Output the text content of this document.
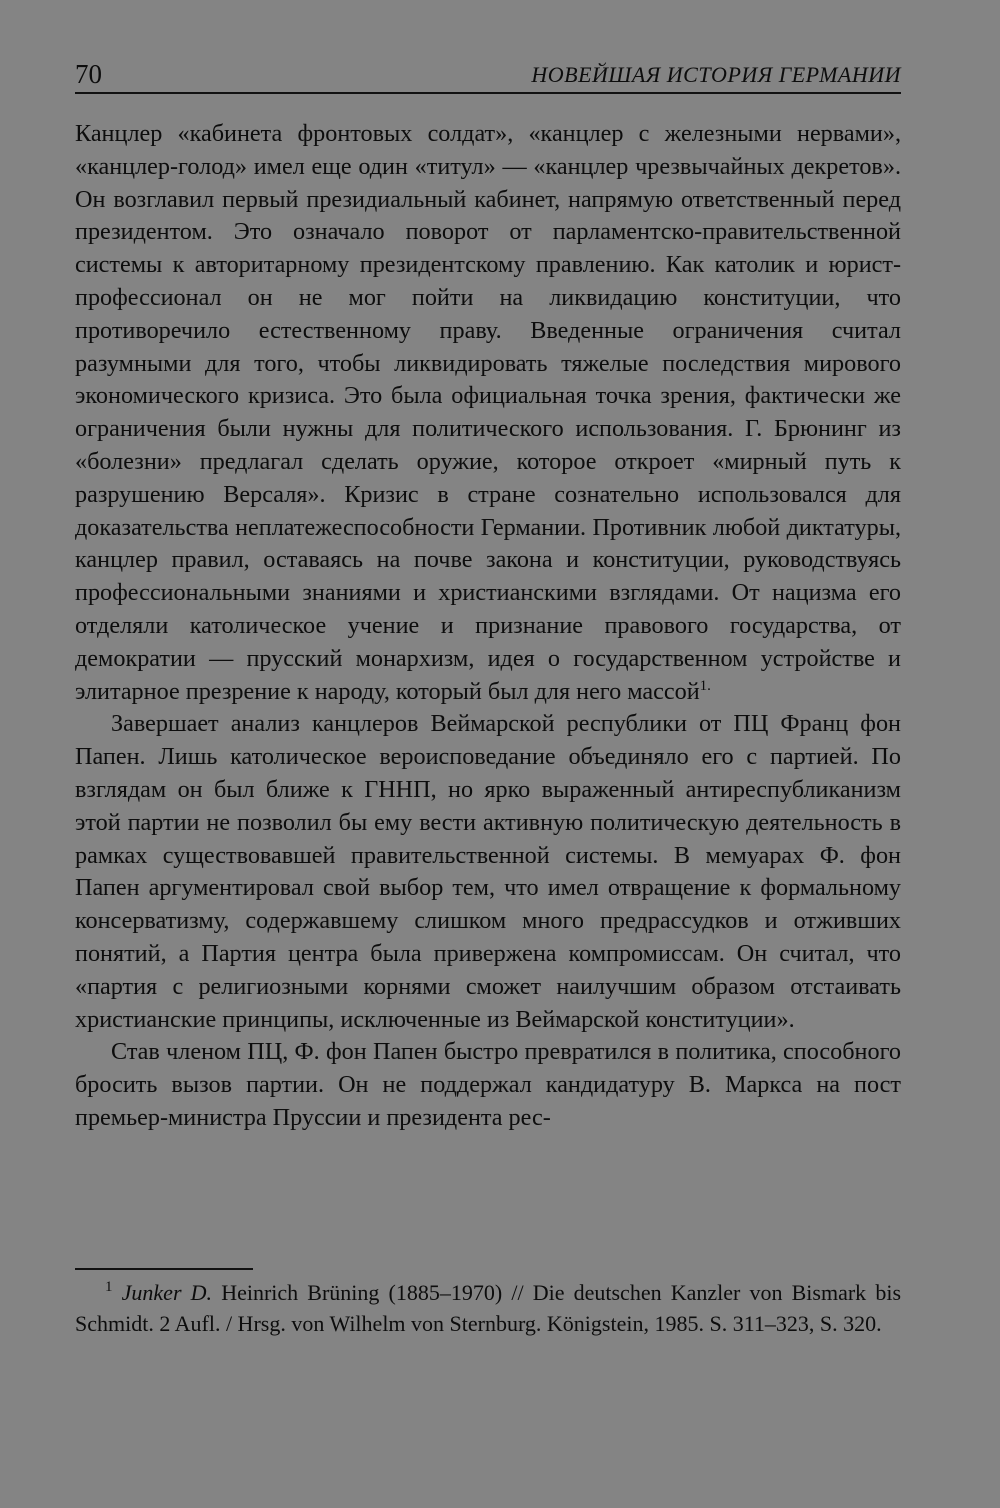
70	НОВЕЙШАЯ ИСТОРИЯ ГЕРМАНИИ

Канцлер «кабинета фронтовых солдат», «канцлер с железными нервами», «канцлер-голод» имел еще один «титул» — «канцлер чрезвычайных декретов». Он возглавил первый президиальный кабинет, напрямую ответственный перед президентом. Это означало поворот от парламентско-правительственной системы к авторитарному президентскому правлению. Как католик и юрист-профессионал он не мог пойти на ликвидацию конституции, что противоречило естественному праву. Введенные ограничения считал разумными для того, чтобы ликвидировать тяжелые последствия мирового экономического кризиса. Это была официальная точка зрения, фактически же ограничения были нужны для политического использования. Г. Брюнинг из «болезни» предлагал сделать оружие, которое откроет «мирный путь к разрушению Версаля». Кризис в стране сознательно использовался для доказательства неплатежеспособности Германии. Противник любой диктатуры, канцлер правил, оставаясь на почве закона и конституции, руководствуясь профессиональными знаниями и христианскими взглядами. От нацизма его отделяли католическое учение и признание правового государства, от демократии — прусский монархизм, идея о государственном устройстве и элитарное презрение к народу, который был для него массой$^{1.}$

Завершает анализ канцлеров Веймарской республики от ПЦ Франц фон Папен. Лишь католическое вероисповедание объединяло его с партией. По взглядам он был ближе к ГННП, но ярко выраженный антиреспубликанизм этой партии не позволил бы ему вести активную политическую деятельность в рамках существовавшей правительственной системы. В мемуарах Ф. фон Папен аргументировал свой выбор тем, что имел отвращение к формальному консерватизму, содержавшему слишком много предрассудков и отживших понятий, а Партия центра была привержена компромиссам. Он считал, что «партия с религиозными корнями сможет наилучшим образом отстаивать христианские принципы, исключенные из Веймарской конституции».

Став членом ПЦ, Ф. фон Папен быстро превратился в политика, способного бросить вызов партии. Он не поддержал кандидатуру В. Маркса на пост премьер-министра Пруссии и президента рес-

$^1$ Junker D. Heinrich Brüning (1885–1970) // Die deutschen Kanzler von Bismark bis Schmidt. 2 Aufl. / Hrsg. von Wilhelm von Sternburg. Königstein, 1985. S. 311–323, S. 320.
